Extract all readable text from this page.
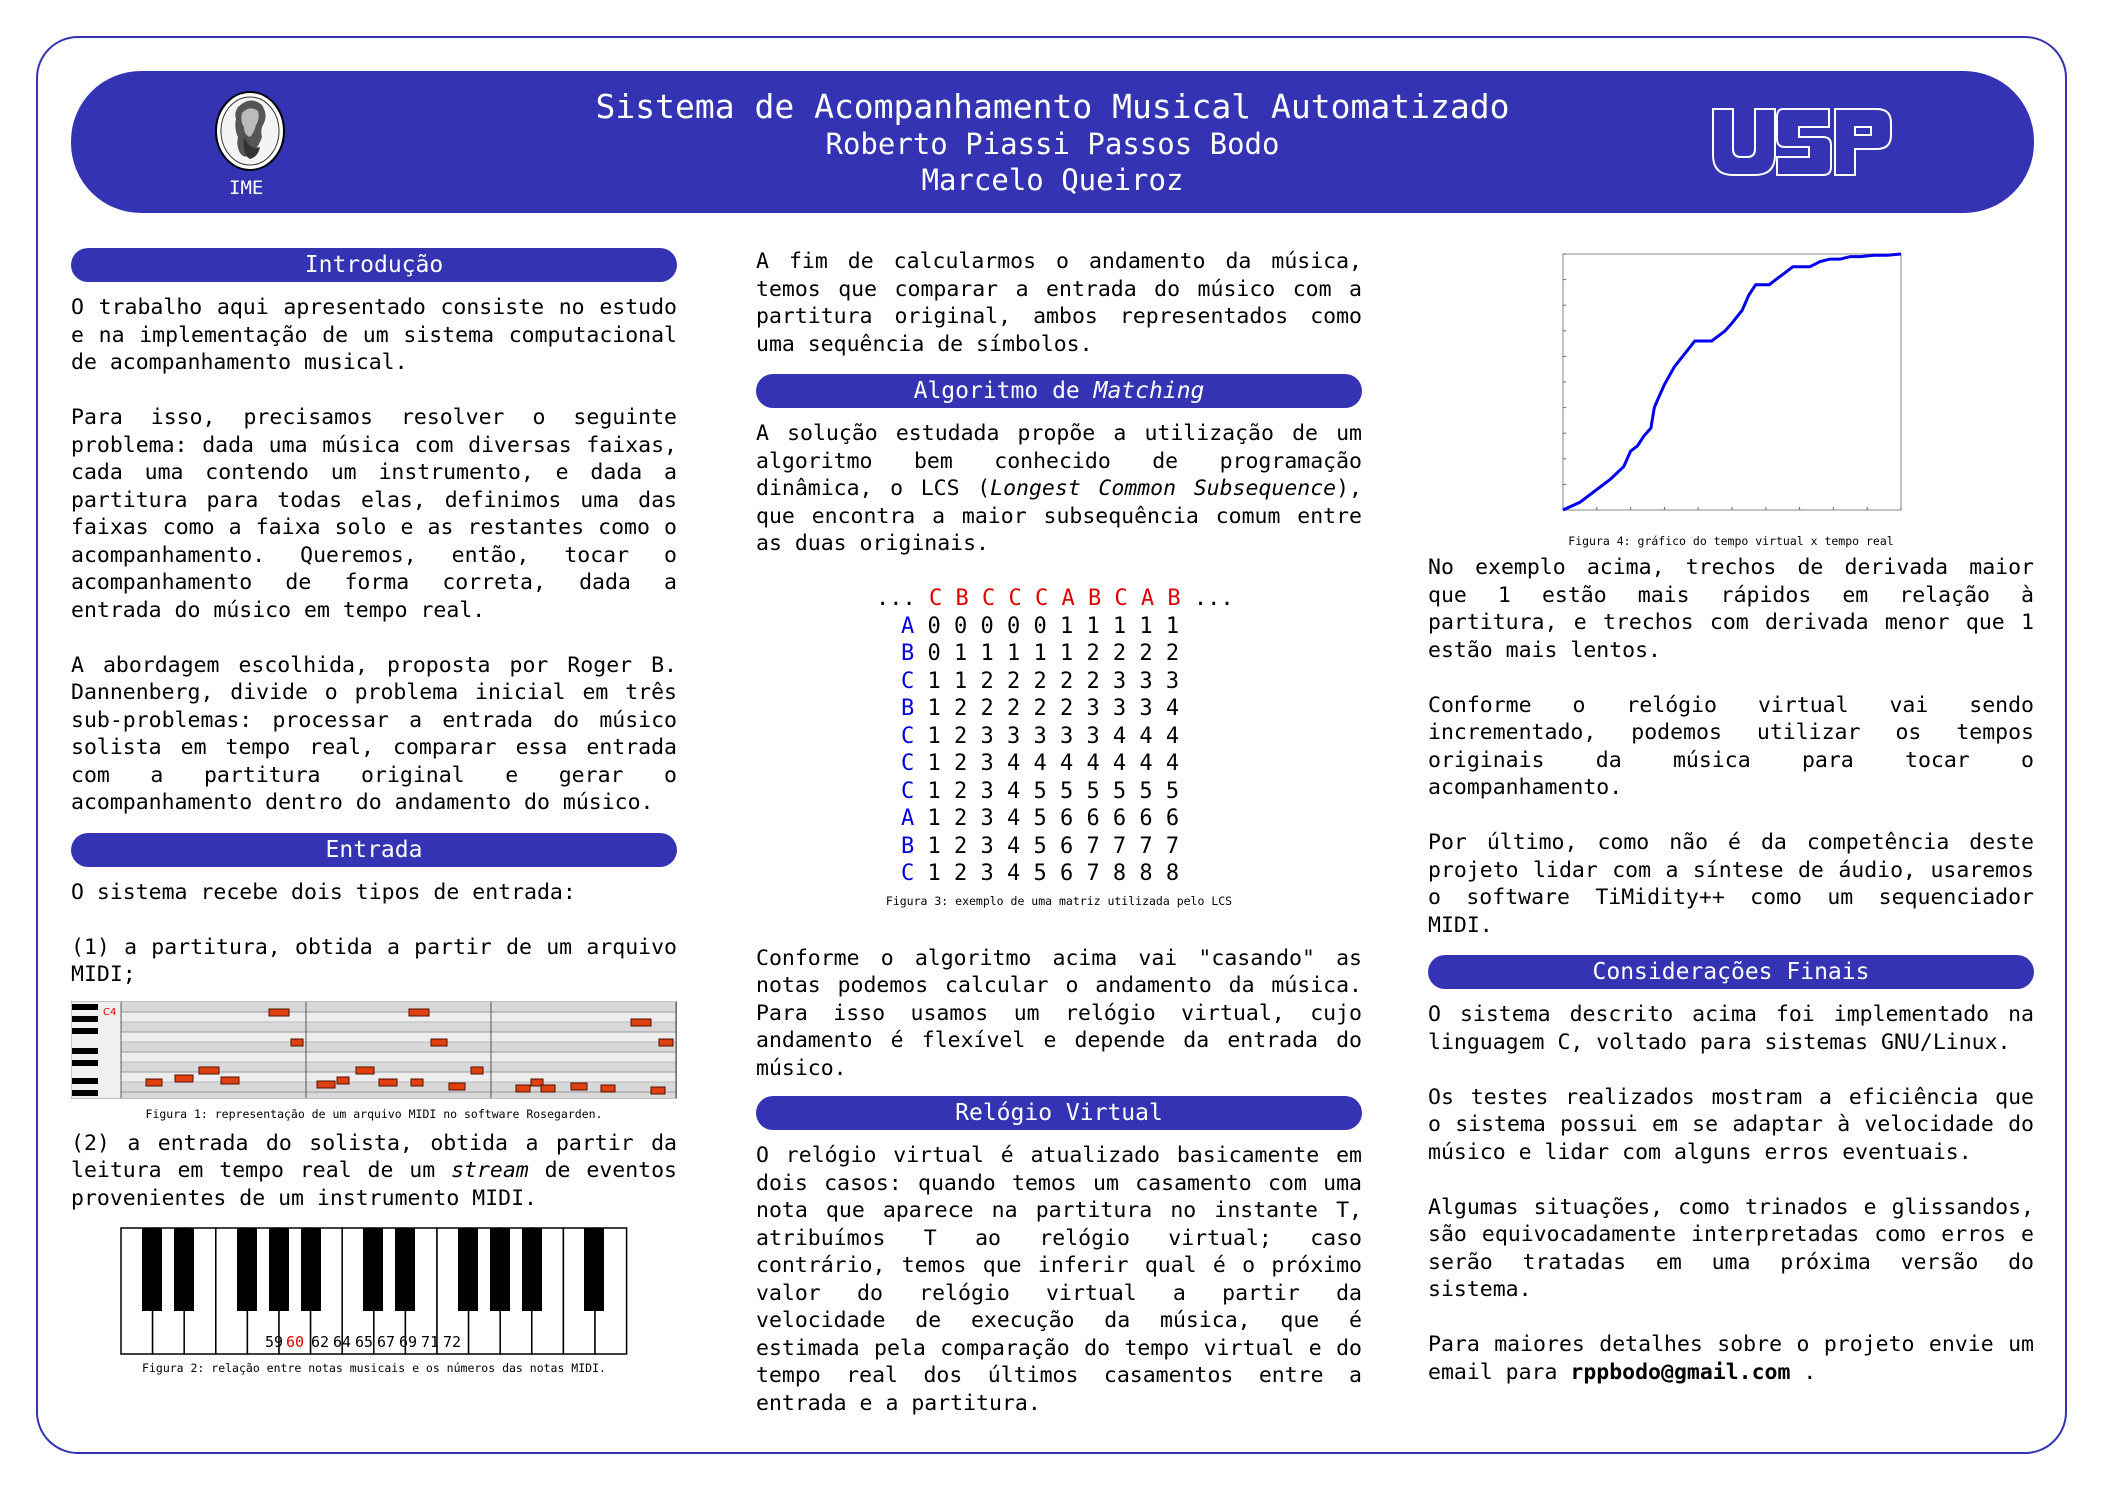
IME
Sistema de Acompanhamento Musical Automatizado
Roberto Piassi Passos Bodo
Marcelo Queiroz
Introdução

O trabalho aqui apresentado consiste no estudo e na implementação de um sistema computacional de acompanhamento musical.

Para isso, precisamos resolver o seguinte problema: dada uma música com diversas faixas, cada uma contendo um instrumento, e dada a partitura para todas elas, definimos uma das faixas como a faixa solo e as restantes como o acompanhamento. Queremos, então, tocar o acompanhamento de forma correta, dada a entrada do músico em tempo real.

A abordagem escolhida, proposta por Roger B. Dannenberg, divide o problema inicial em três sub-problemas: processar a entrada do músico solista em tempo real, comparar essa entrada com a partitura original e gerar o acompanhamento dentro do andamento do músico.

Entrada

O sistema recebe dois tipos de entrada:

(1) a partitura, obtida a partir de um arquivo MIDI;

C4

Figura 1: representação de um arquivo MIDI no software Rosegarden.

(2) a entrada do solista, obtida a partir da leitura em tempo real de um stream de eventos provenientes de um instrumento MIDI.

59 60 62 64 65 67 69 71 72

Figura 2: relação entre notas musicais e os números das notas MIDI.

A fim de calcularmos o andamento da música, temos que comparar a entrada do músico com a partitura original, ambos representados como uma sequência de símbolos.

Algoritmo de Matching

A solução estudada propõe a utilização de um algoritmo bem conhecido de programação dinâmica, o LCS (Longest Common Subsequence), que encontra a maior subsequência comum entre as duas originais.

... C B C C C A B C A B ...
A 0 0 0 0 0 1 1 1 1 1
B 0 1 1 1 1 1 2 2 2 2
C 1 1 2 2 2 2 2 3 3 3
B 1 2 2 2 2 2 3 3 3 4
C 1 2 3 3 3 3 3 4 4 4
C 1 2 3 4 4 4 4 4 4 4
C 1 2 3 4 5 5 5 5 5 5
A 1 2 3 4 5 6 6 6 6 6
B 1 2 3 4 5 6 7 7 7 7
C 1 2 3 4 5 6 7 8 8 8

Figura 3: exemplo de uma matriz utilizada pelo LCS

Conforme o algoritmo acima vai "casando" as notas podemos calcular o andamento da música. Para isso usamos um relógio virtual, cujo andamento é flexível e depende da entrada do músico.

Relógio Virtual

O relógio virtual é atualizado basicamente em dois casos: quando temos um casamento com uma nota que aparece na partitura no instante T, atribuímos T ao relógio virtual; caso contrário, temos que inferir qual é o próximo valor do relógio virtual a partir da velocidade de execução da música, que é estimada pela comparação do tempo virtual e do tempo real dos últimos casamentos entre a entrada e a partitura.

Figura 4: gráfico do tempo virtual x tempo real

No exemplo acima, trechos de derivada maior que 1 estão mais rápidos em relação à partitura, e trechos com derivada menor que 1 estão mais lentos.

Conforme o relógio virtual vai sendo incrementado, podemos utilizar os tempos originais da música para tocar o acompanhamento.

Por último, como não é da competência deste projeto lidar com a síntese de áudio, usaremos o software TiMidity++ como um sequenciador MIDI.

Considerações Finais

O sistema descrito acima foi implementado na linguagem C, voltado para sistemas GNU/Linux.

Os testes realizados mostram a eficiência que o sistema possui em se adaptar à velocidade do músico e lidar com alguns erros eventuais.

Algumas situações, como trinados e glissandos, são equivocadamente interpretadas como erros e serão tratadas em uma próxima versão do sistema.

Para maiores detalhes sobre o projeto envie um email para rppbodo@gmail.com .
